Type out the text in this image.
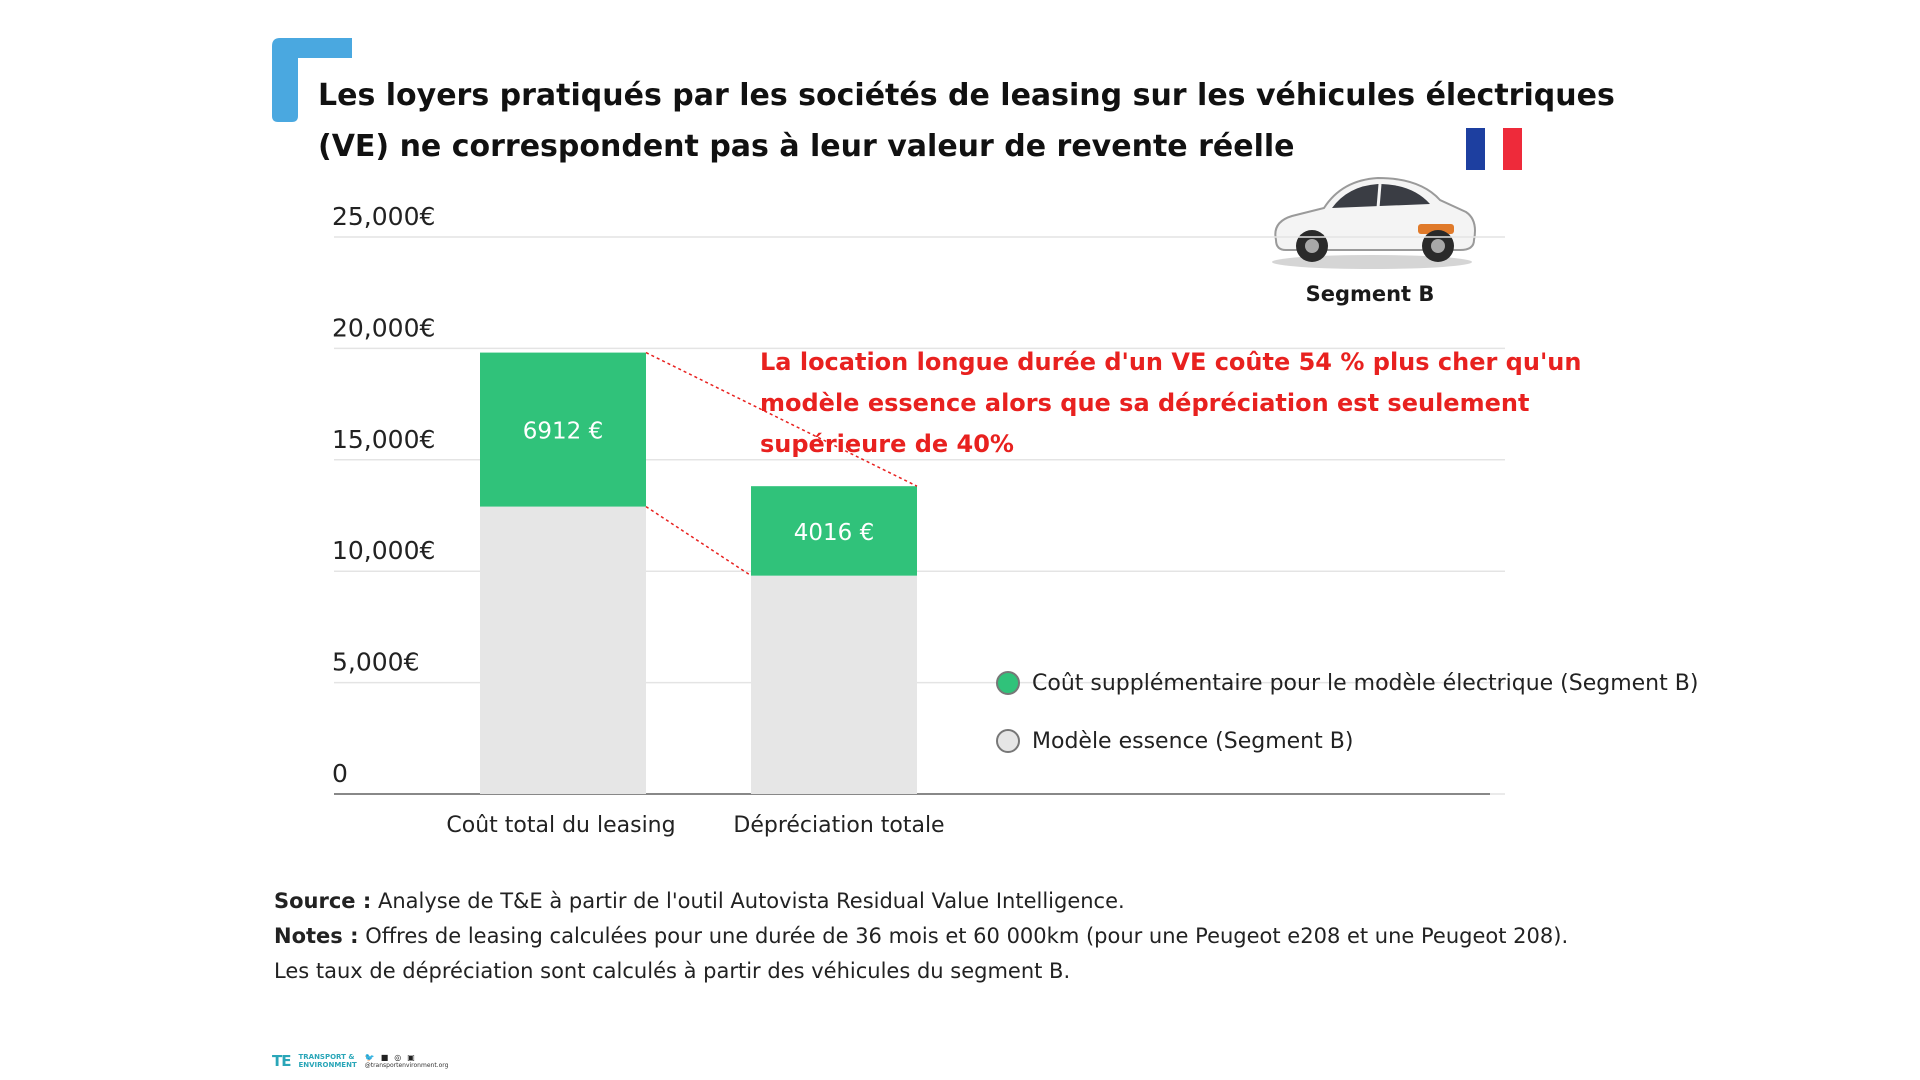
Les loyers pratiqués par les sociétés de leasing sur les véhicules électriques (VE) ne correspondent pas à leur valeur de revente réelle
Segment B

La location longue durée d'un VE coûte 54 % plus cher qu'un modèle essence alors que sa dépréciation est seulement supérieure de 40%

0
5,000€
10,000€
15,000€
20,000€
25,000€
6912 €
Coût total du leasing
4016 €
Dépréciation totale
Coût supplémentaire pour le modèle électrique (Segment B)
Modèle essence (Segment B)

Source : Analyse de T&E à partir de l'outil Autovista Residual Value Intelligence.

Notes : Offres de leasing calculées pour une durée de 36 mois et 60 000km (pour une Peugeot e208 et une Peugeot 208). Les taux de dépréciation sont calculés à partir des véhicules du segment B.

TE TRANSPORT &
ENVIRONMENT
🐦 ■ ◎ ▣
@transportenvironment.org
